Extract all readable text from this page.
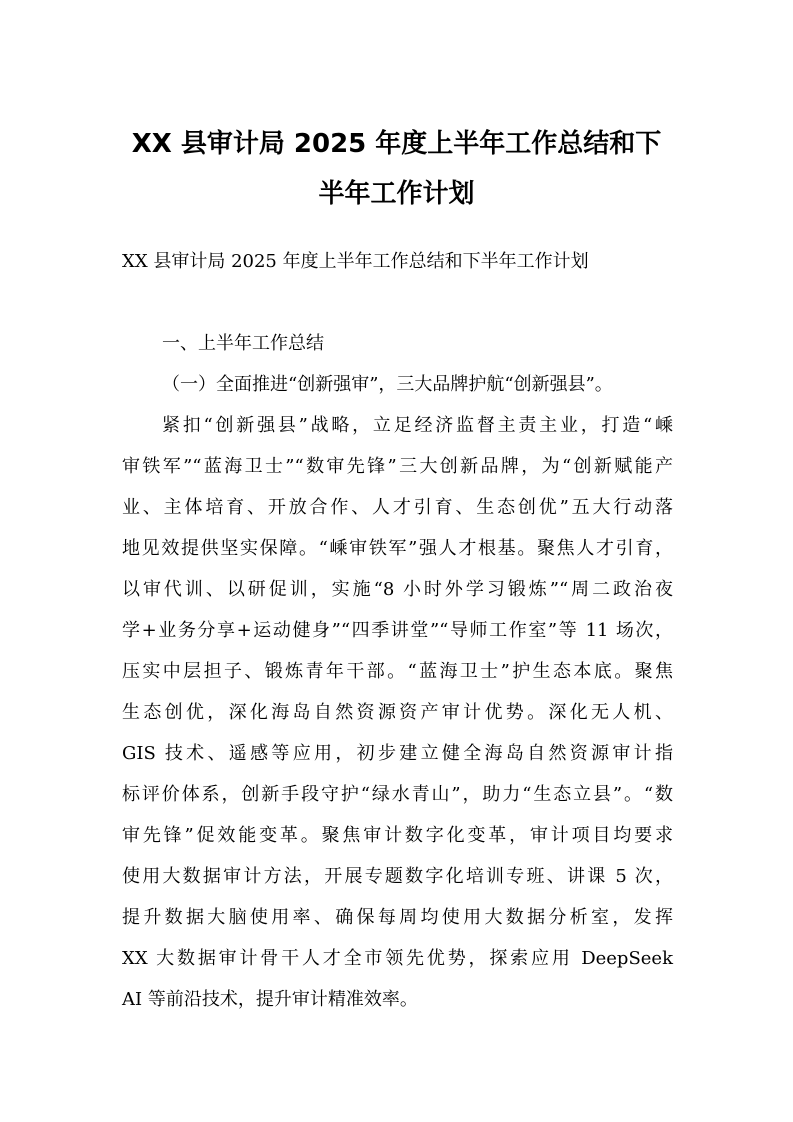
XX 县审计局 2025 年度上半年工作总结和下
半年工作计划

XX 县审计局 2025 年度上半年工作总结和下半年工作计划

一、上半年工作总结

（一）全面推进“创新强审”，三大品牌护航“创新强县”。

紧扣“创新强县”战略，立足经济监督主责主业，打造“嵊

审铁军”“蓝海卫士”“数审先锋”三大创新品牌，为“创新赋能产

业、主体培育、开放合作、人才引育、生态创优”五大行动落

地见效提供坚实保障。“嵊审铁军”强人才根基。聚焦人才引育，

以审代训、以研促训，实施“8 小时外学习锻炼”“周二政治夜

学+业务分享+运动健身”“四季讲堂”“导师工作室”等 11 场次，

压实中层担子、锻炼青年干部。“蓝海卫士”护生态本底。聚焦

生态创优，深化海岛自然资源资产审计优势。深化无人机、

GIS 技术、遥感等应用，初步建立健全海岛自然资源审计指

标评价体系，创新手段守护“绿水青山”，助力“生态立县”。“数

审先锋”促效能变革。聚焦审计数字化变革，审计项目均要求

使用大数据审计方法，开展专题数字化培训专班、讲课 5 次，

提升数据大脑使用率、确保每周均使用大数据分析室，发挥

XX 大数据审计骨干人才全市领先优势，探索应用 DeepSeek

AI 等前沿技术，提升审计精准效率。
